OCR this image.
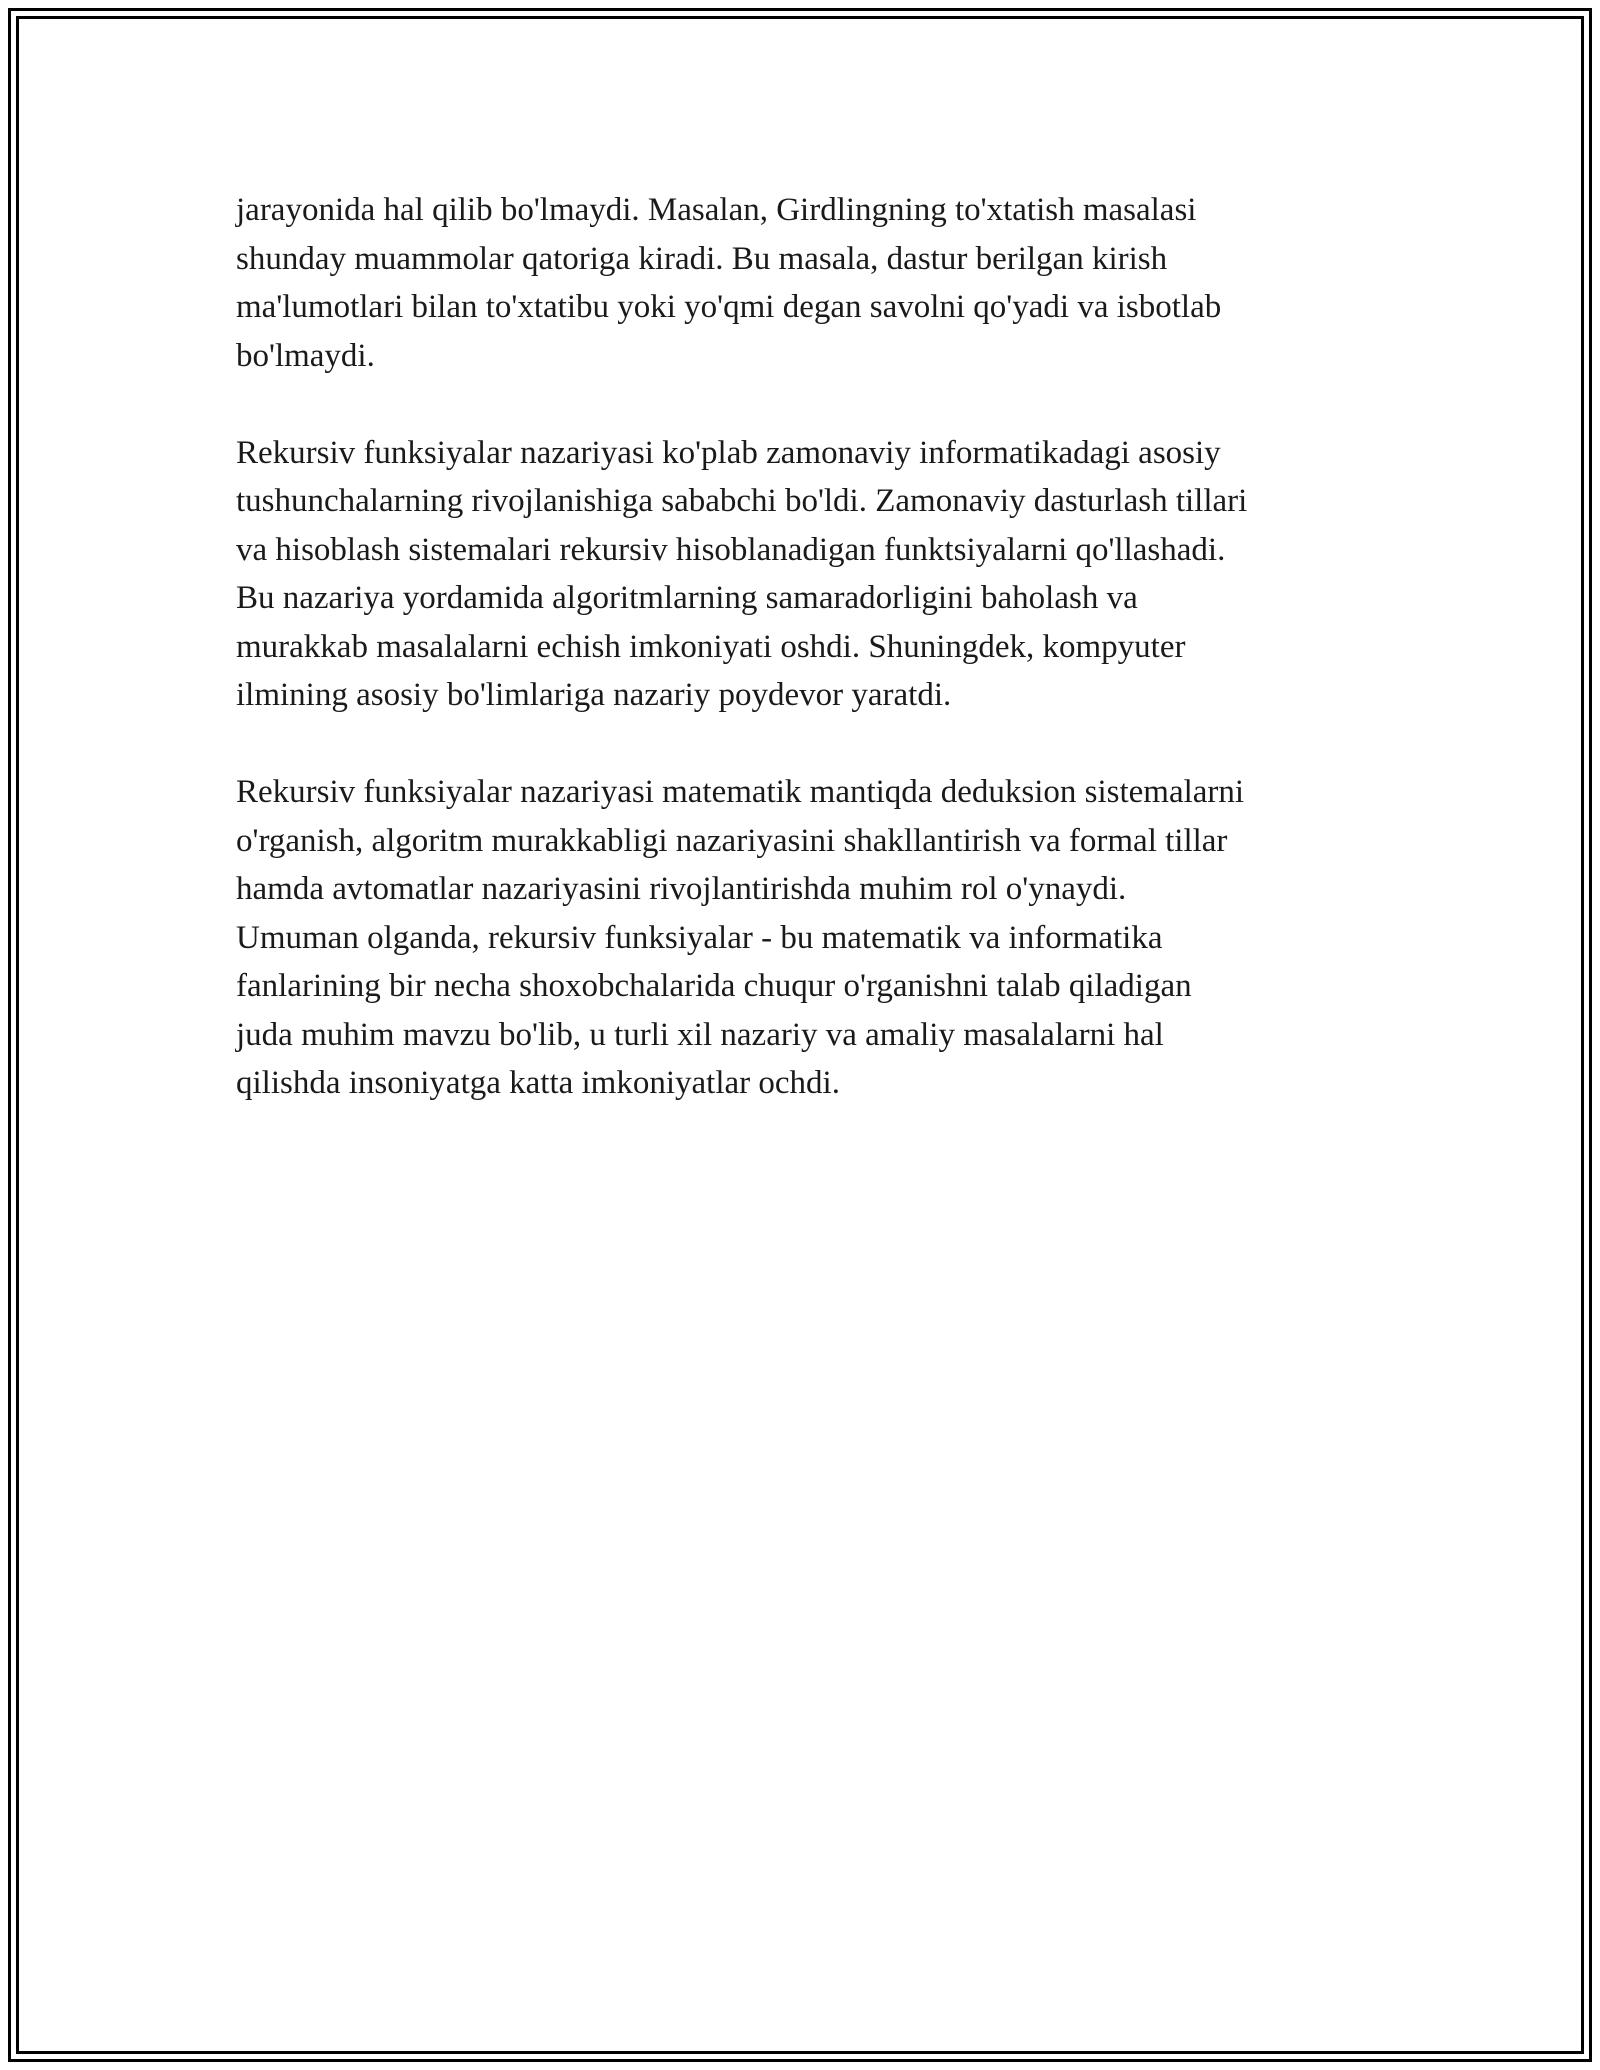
jarayonida hal qilib bo'lmaydi. Masalan, Girdlingning to'xtatish masalasi
shunday muammolar qatoriga kiradi. Bu masala, dastur berilgan kirish
ma'lumotlari bilan to'xtatibu yoki yo'qmi degan savolni qo'yadi va isbotlab
bo'lmaydi.

Rekursiv funksiyalar nazariyasi ko'plab zamonaviy informatikadagi asosiy
tushunchalarning rivojlanishiga sababchi bo'ldi. Zamonaviy dasturlash tillari
va hisoblash sistemalari rekursiv hisoblanadigan funktsiyalarni qo'llashadi.
Bu nazariya yordamida algoritmlarning samaradorligini baholash va
murakkab masalalarni echish imkoniyati oshdi. Shuningdek, kompyuter
ilmining asosiy bo'limlariga nazariy poydevor yaratdi.

Rekursiv funksiyalar nazariyasi matematik mantiqda deduksion sistemalarni
o'rganish, algoritm murakkabligi nazariyasini shakllantirish va formal tillar
hamda avtomatlar nazariyasini rivojlantirishda muhim rol o'ynaydi.
Umuman olganda, rekursiv funksiyalar - bu matematik va informatika
fanlarining bir necha shoxobchalarida chuqur o'rganishni talab qiladigan
juda muhim mavzu bo'lib, u turli xil nazariy va amaliy masalalarni hal
qilishda insoniyatga katta imkoniyatlar ochdi.
